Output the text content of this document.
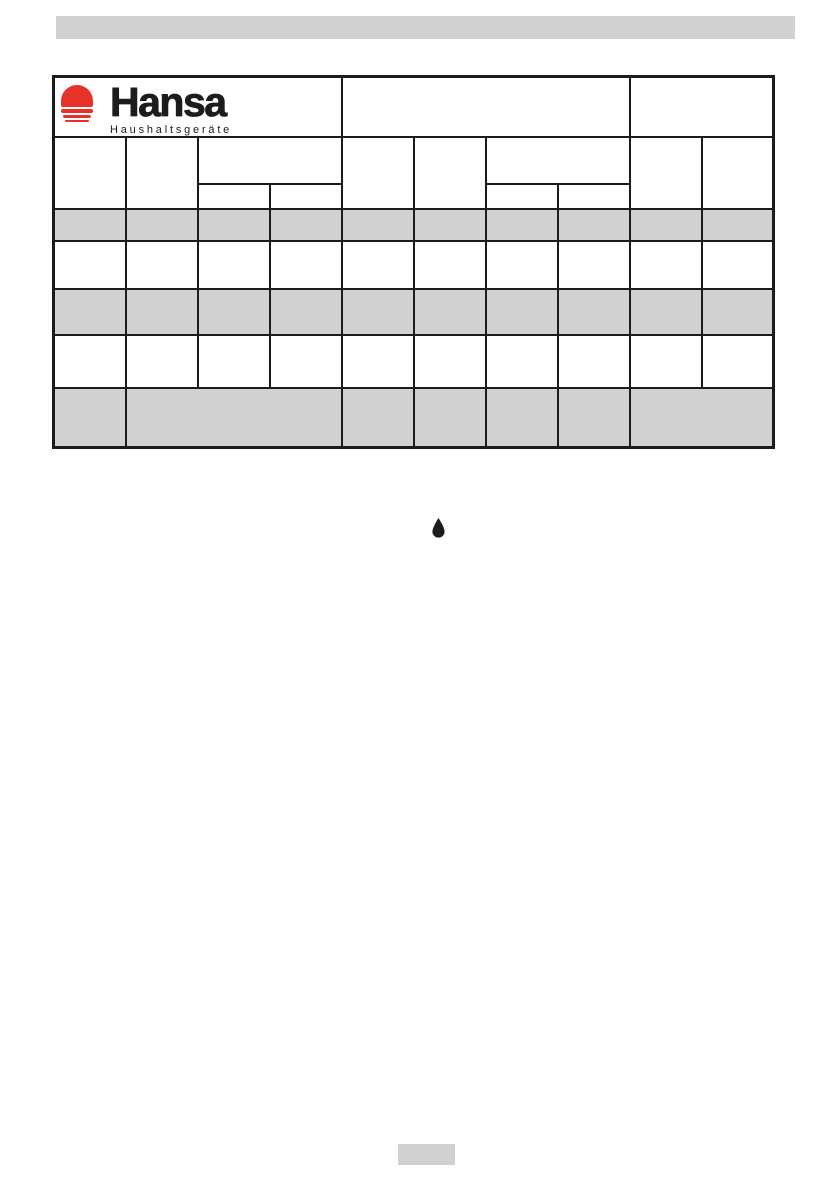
Hansa
Haushaltsgeräte									
